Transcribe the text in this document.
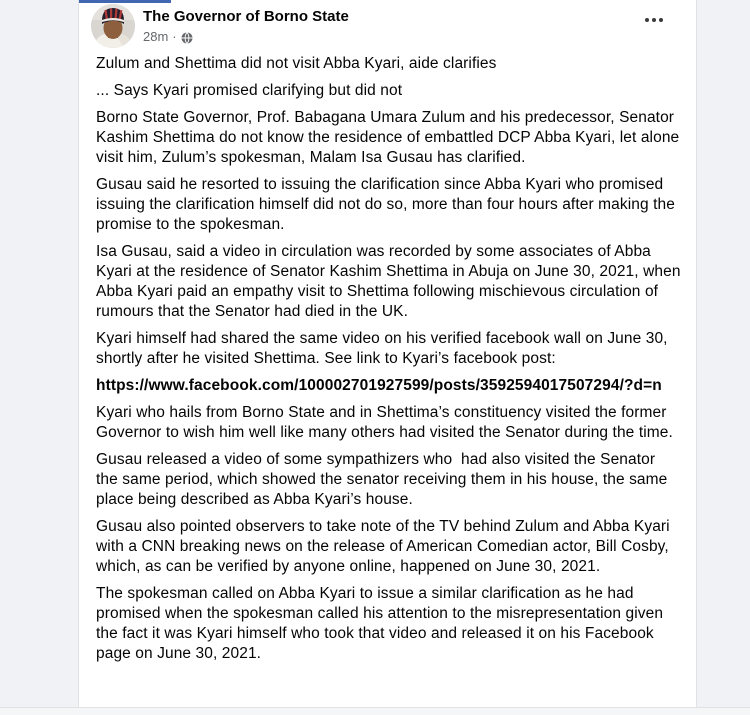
The Governor of Borno State
28m ·

Zulum and Shettima did not visit Abba Kyari, aide clarifies

... Says Kyari promised clarifying but did not

Borno State Governor, Prof. Babagana Umara Zulum and his predecessor, Senator Kashim Shettima do not know the residence of embattled DCP Abba Kyari, let alone visit him, Zulum’s spokesman, Malam Isa Gusau has clarified.

Gusau said he resorted to issuing the clarification since Abba Kyari who promised issuing the clarification himself did not do so, more than four hours after making the promise to the spokesman.

Isa Gusau, said a video in circulation was recorded by some associates of Abba Kyari at the residence of Senator Kashim Shettima in Abuja on June 30, 2021, when Abba Kyari paid an empathy visit to Shettima following mischievous circulation of rumours that the Senator had died in the UK.

Kyari himself had shared the same video on his verified facebook wall on June 30, shortly after he visited Shettima. See link to Kyari’s facebook post:

https://www.facebook.com/100002701927599/posts/3592594017507294/?d=n

Kyari who hails from Borno State and in Shettima’s constituency visited the former Governor to wish him well like many others had visited the Senator during the time.

Gusau released a video of some sympathizers who  had also visited the Senator the same period, which showed the senator receiving them in his house, the same place being described as Abba Kyari’s house.

Gusau also pointed observers to take note of the TV behind Zulum and Abba Kyari with a CNN breaking news on the release of American Comedian actor, Bill Cosby, which, as can be verified by anyone online, happened on June 30, 2021.

The spokesman called on Abba Kyari to issue a similar clarification as he had promised when the spokesman called his attention to the misrepresentation given the fact it was Kyari himself who took that video and released it on his Facebook page on June 30, 2021.
